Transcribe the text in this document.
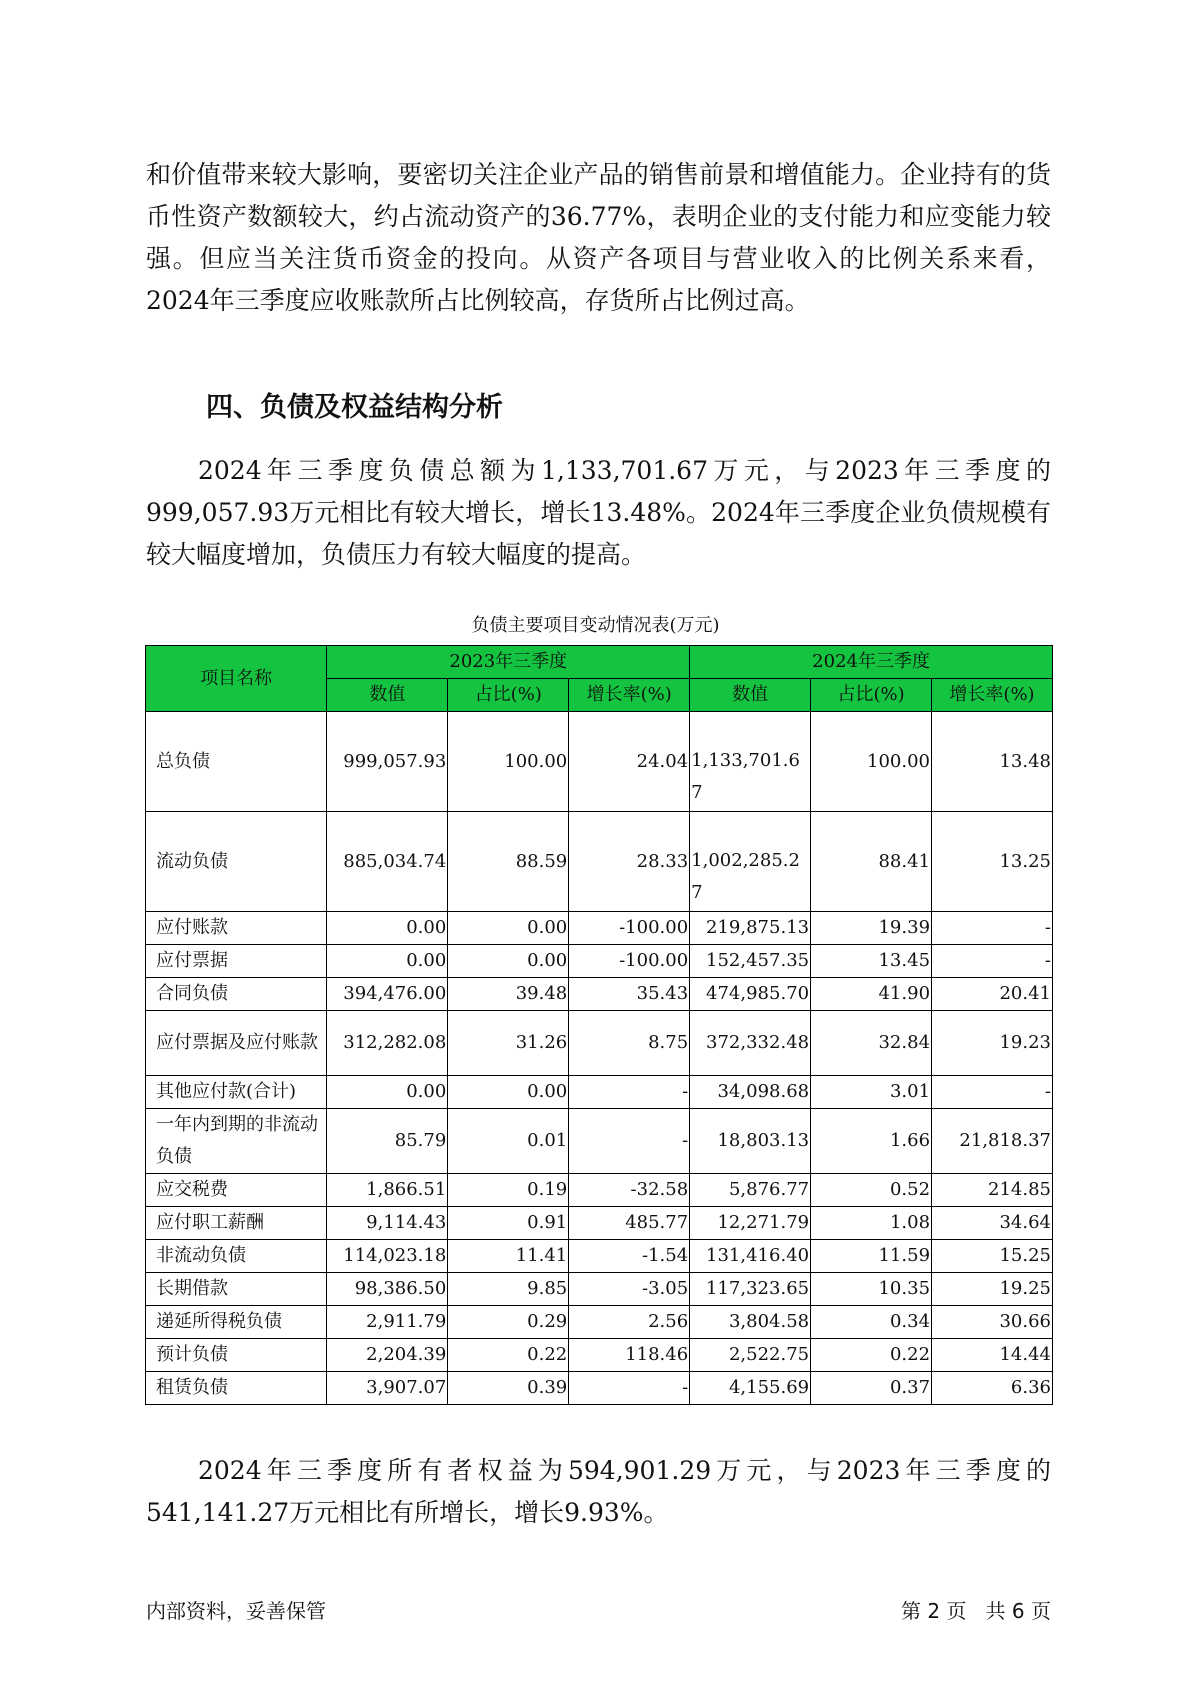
和价值带来较大影响，要密切关注企业产品的销售前景和增值能力。企业持有的货币性资产数额较大，约占流动资产的36.77%，表明企业的支付能力和应变能力较强。但应当关注货币资金的投向。从资产各项目与营业收入的比例关系来看，2024年三季度应收账款所占比例较高，存货所占比例过高。

四、负债及权益结构分析

2024年三季度负债总额为1,133,701.67万元，与2023年三季度的999,057.93万元相比有较大增长，增长13.48%。2024年三季度企业负债规模有较大幅度增加，负债压力有较大幅度的提高。

负债主要项目变动情况表(万元)
项目名称	2023年三季度			2024年三季度		
	数值	占比(%)	增长率(%)	数值	占比(%)	增长率(%)
总负债	999,057.93	100.00	24.04	1,133,701.67	100.00	13.48
流动负债	885,034.74	88.59	28.33	1,002,285.27	88.41	13.25
应付账款	0.00	0.00	-100.00	219,875.13	19.39	-
应付票据	0.00	0.00	-100.00	152,457.35	13.45	-
合同负债	394,476.00	39.48	35.43	474,985.70	41.90	20.41
应付票据及应付账款	312,282.08	31.26	8.75	372,332.48	32.84	19.23
其他应付款(合计)	0.00	0.00	-	34,098.68	3.01	-
一年内到期的非流动负债	85.79	0.01	-	18,803.13	1.66	21,818.37
应交税费	1,866.51	0.19	-32.58	5,876.77	0.52	214.85
应付职工薪酬	9,114.43	0.91	485.77	12,271.79	1.08	34.64
非流动负债	114,023.18	11.41	-1.54	131,416.40	11.59	15.25
长期借款	98,386.50	9.85	-3.05	117,323.65	10.35	19.25
递延所得税负债	2,911.79	0.29	2.56	3,804.58	0.34	30.66
预计负债	2,204.39	0.22	118.46	2,522.75	0.22	14.44
租赁负债	3,907.07	0.39	-	4,155.69	0.37	6.36

2024年三季度所有者权益为594,901.29万元，与2023年三季度的541,141.27万元相比有所增长，增长9.93%。

内部资料，妥善保管	第 2 页   共 6 页
